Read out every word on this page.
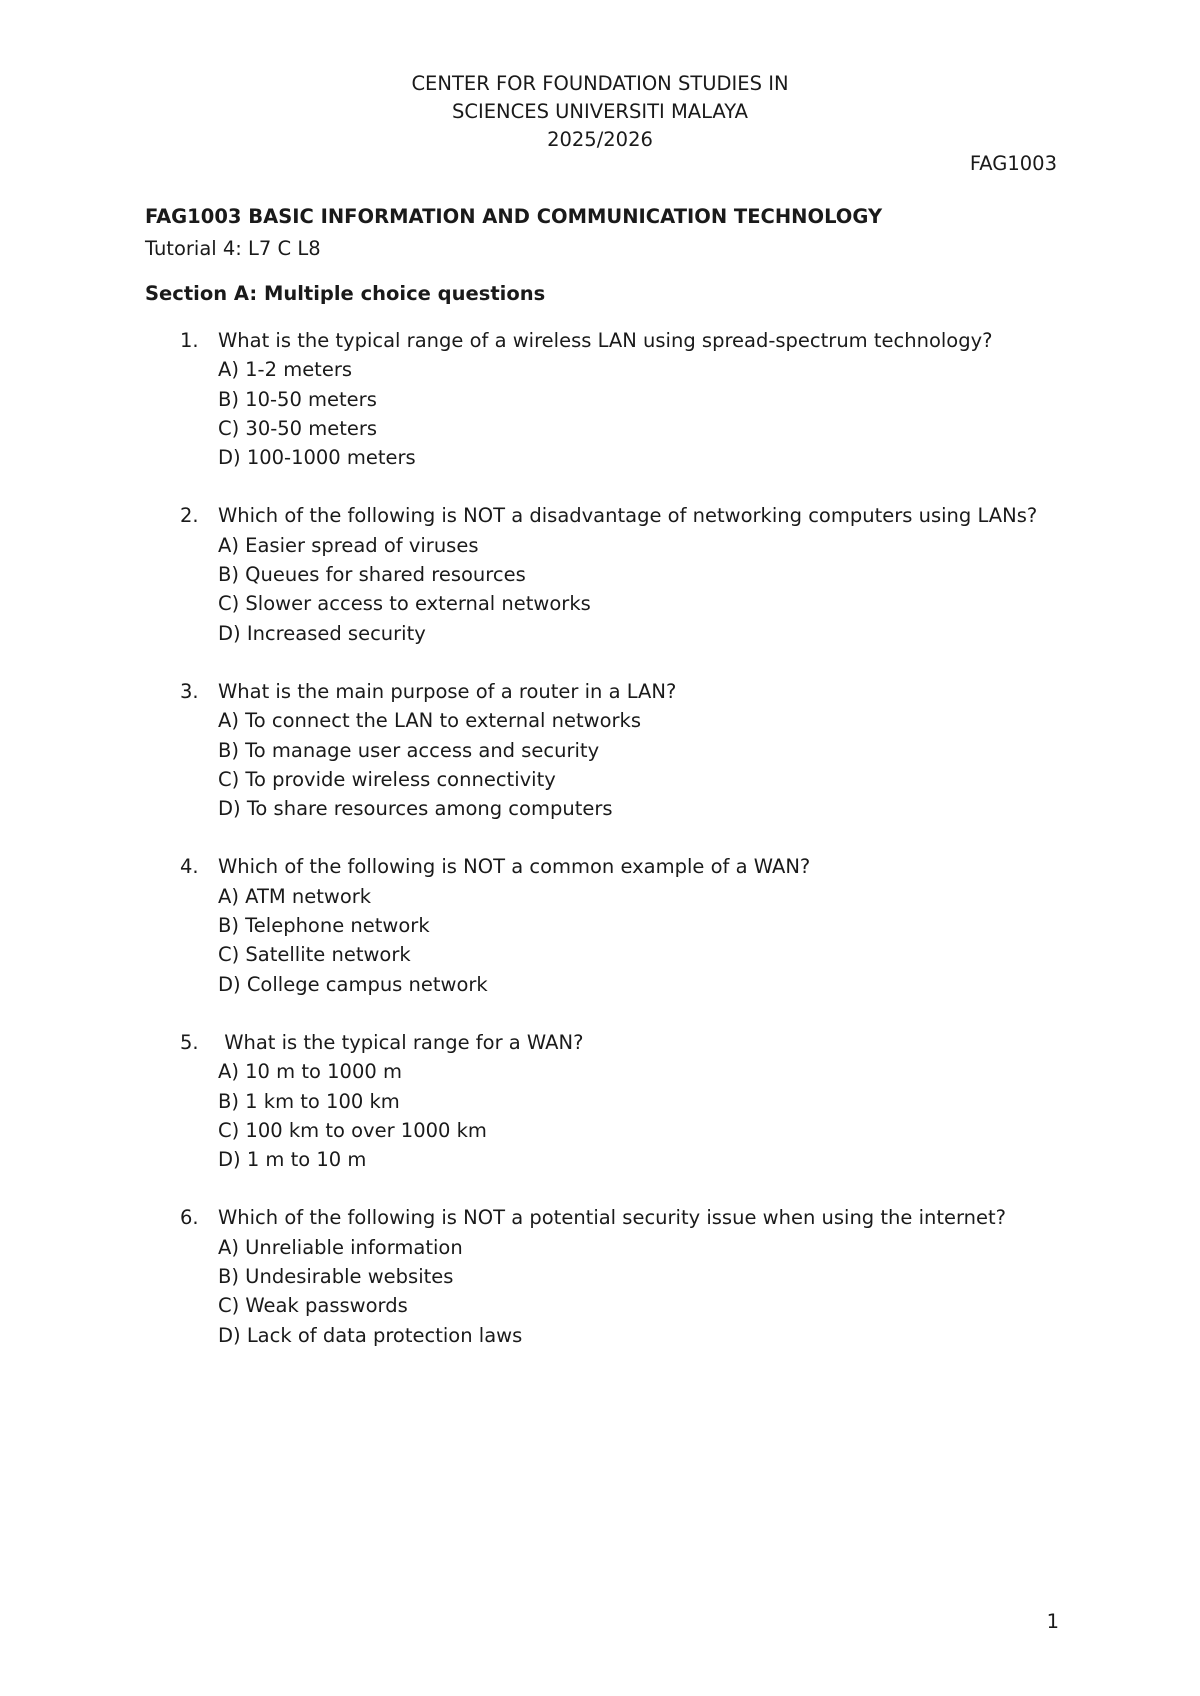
CENTER FOR FOUNDATION STUDIES IN
SCIENCES UNIVERSITI MALAYA
2025/2026
FAG1003
FAG1003 BASIC INFORMATION AND COMMUNICATION TECHNOLOGY
Tutorial 4: L7 C L8
Section A: Multiple choice questions
1. What is the typical range of a wireless LAN using spread-spectrum technology?
A) 1-2 meters
B) 10-50 meters
C) 30-50 meters
D) 100-1000 meters
2. Which of the following is NOT a disadvantage of networking computers using LANs?
A) Easier spread of viruses
B) Queues for shared resources
C) Slower access to external networks
D) Increased security
3. What is the main purpose of a router in a LAN?
A) To connect the LAN to external networks
B) To manage user access and security
C) To provide wireless connectivity
D) To share resources among computers
4. Which of the following is NOT a common example of a WAN?
A) ATM network
B) Telephone network
C) Satellite network
D) College campus network
5. What is the typical range for a WAN?
A) 10 m to 1000 m
B) 1 km to 100 km
C) 100 km to over 1000 km
D) 1 m to 10 m
6. Which of the following is NOT a potential security issue when using the internet?
A) Unreliable information
B) Undesirable websites
C) Weak passwords
D) Lack of data protection laws
1
